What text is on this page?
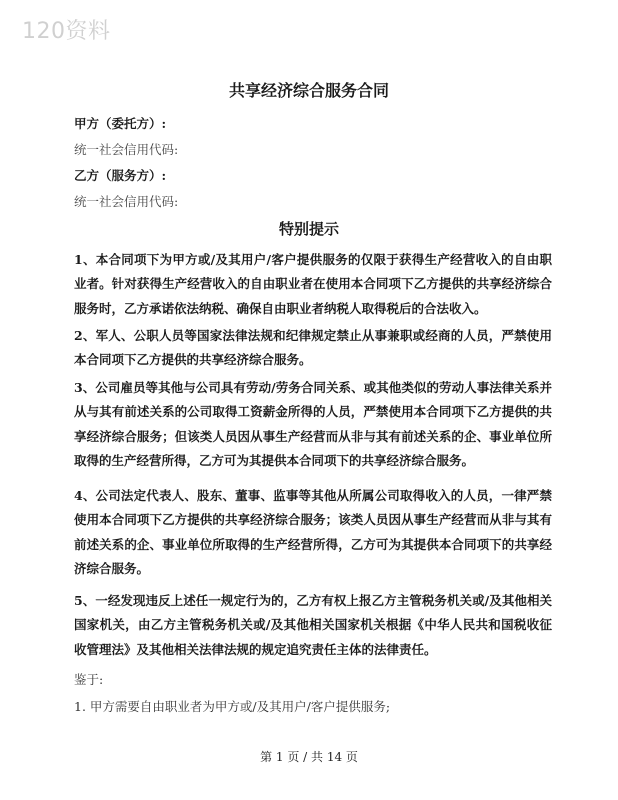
120资料
共享经济综合服务合同
甲方（委托方）:
统一社会信用代码:
乙方（服务方）:
统一社会信用代码:
特别提示
1、本合同项下为甲方或/及其用户/客户提供服务的仅限于获得生产经营收入的自由职业者。针对获得生产经营收入的自由职业者在使用本合同项下乙方提供的共享经济综合服务时，乙方承诺依法纳税、确保自由职业者纳税人取得税后的合法收入。
2、军人、公职人员等国家法律法规和纪律规定禁止从事兼职或经商的人员，严禁使用本合同项下乙方提供的共享经济综合服务。
3、公司雇员等其他与公司具有劳动/劳务合同关系、或其他类似的劳动人事法律关系并从与其有前述关系的公司取得工资薪金所得的人员，严禁使用本合同项下乙方提供的共享经济综合服务；但该类人员因从事生产经营而从非与其有前述关系的企、事业单位所取得的生产经营所得，乙方可为其提供本合同项下的共享经济综合服务。
4、公司法定代表人、股东、董事、监事等其他从所属公司取得收入的人员，一律严禁使用本合同项下乙方提供的共享经济综合服务；该类人员因从事生产经营而从非与其有前述关系的企、事业单位所取得的生产经营所得，乙方可为其提供本合同项下的共享经济综合服务。
5、一经发现违反上述任一规定行为的，乙方有权上报乙方主管税务机关或/及其他相关国家机关，由乙方主管税务机关或/及其他相关国家机关根据《中华人民共和国税收征收管理法》及其他相关法律法规的规定追究责任主体的法律责任。
鉴于:
1. 甲方需要自由职业者为甲方或/及其用户/客户提供服务;
第 1 页 / 共 14 页
